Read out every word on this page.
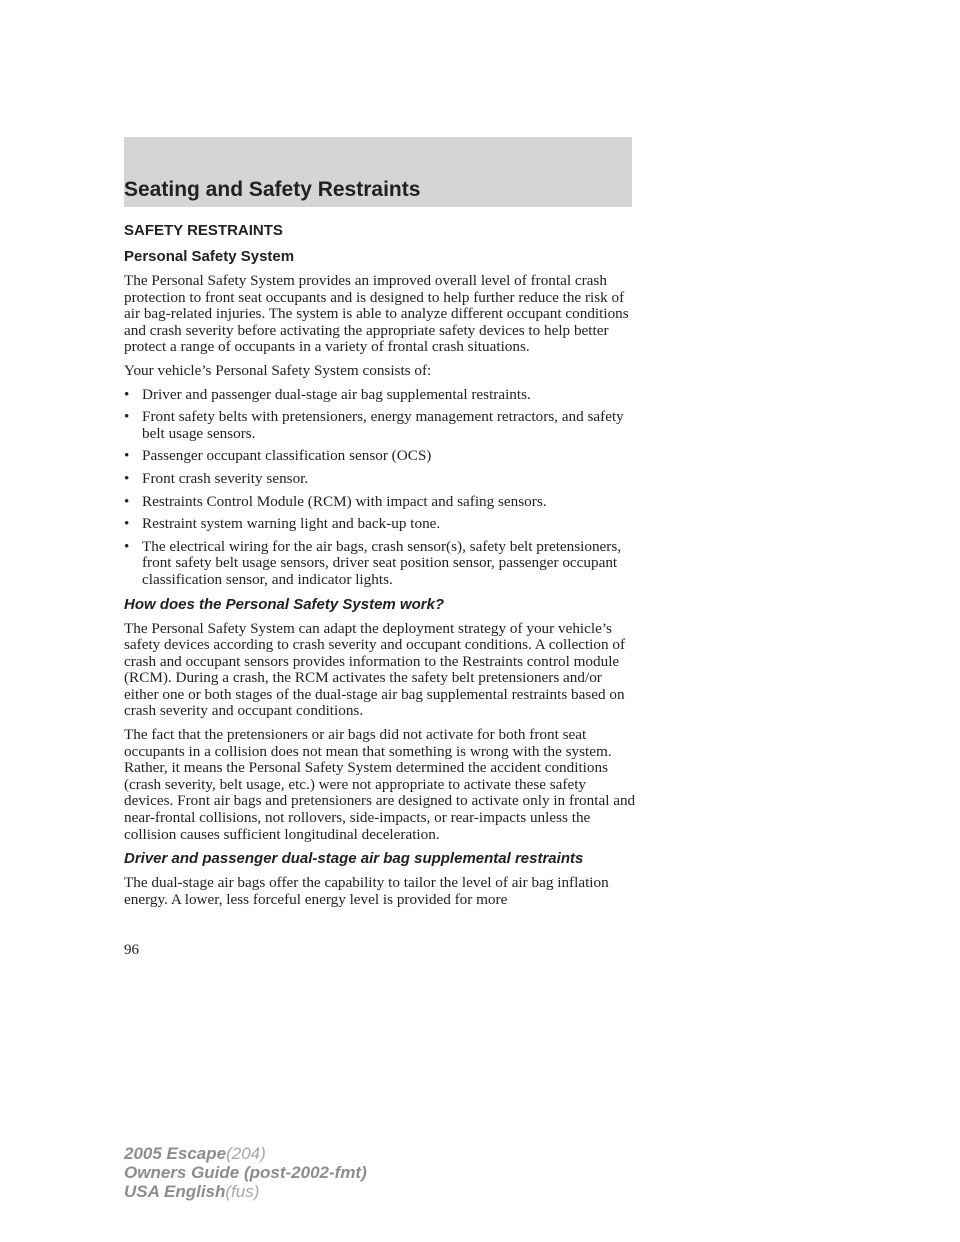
Seating and Safety Restraints
SAFETY RESTRAINTS
Personal Safety System

The Personal Safety System provides an improved overall level of frontal crash protection to front seat occupants and is designed to help further reduce the risk of air bag-related injuries. The system is able to analyze different occupant conditions and crash severity before activating the appropriate safety devices to help better protect a range of occupants in a variety of frontal crash situations.

Your vehicle’s Personal Safety System consists of:

• Driver and passenger dual-stage air bag supplemental restraints.
• Front safety belts with pretensioners, energy management retractors, and safety belt usage sensors.
• Passenger occupant classification sensor (OCS)
• Front crash severity sensor.
• Restraints Control Module (RCM) with impact and safing sensors.
• Restraint system warning light and back-up tone.
• The electrical wiring for the air bags, crash sensor(s), safety belt pretensioners, front safety belt usage sensors, driver seat position sensor, passenger occupant classification sensor, and indicator lights.
How does the Personal Safety System work?

The Personal Safety System can adapt the deployment strategy of your vehicle’s safety devices according to crash severity and occupant conditions. A collection of crash and occupant sensors provides information to the Restraints control module (RCM). During a crash, the RCM activates the safety belt pretensioners and/or either one or both stages of the dual-stage air bag supplemental restraints based on crash severity and occupant conditions.

The fact that the pretensioners or air bags did not activate for both front seat occupants in a collision does not mean that something is wrong with the system. Rather, it means the Personal Safety System determined the accident conditions (crash severity, belt usage, etc.) were not appropriate to activate these safety devices. Front air bags and pretensioners are designed to activate only in frontal and near-frontal collisions, not rollovers, side-impacts, or rear-impacts unless the collision causes sufficient longitudinal deceleration.

Driver and passenger dual-stage air bag supplemental restraints

The dual-stage air bags offer the capability to tailor the level of air bag inflation energy. A lower, less forceful energy level is provided for more

96
2005 Escape(204)
Owners Guide (post-2002-fmt)
USA English(fus)
